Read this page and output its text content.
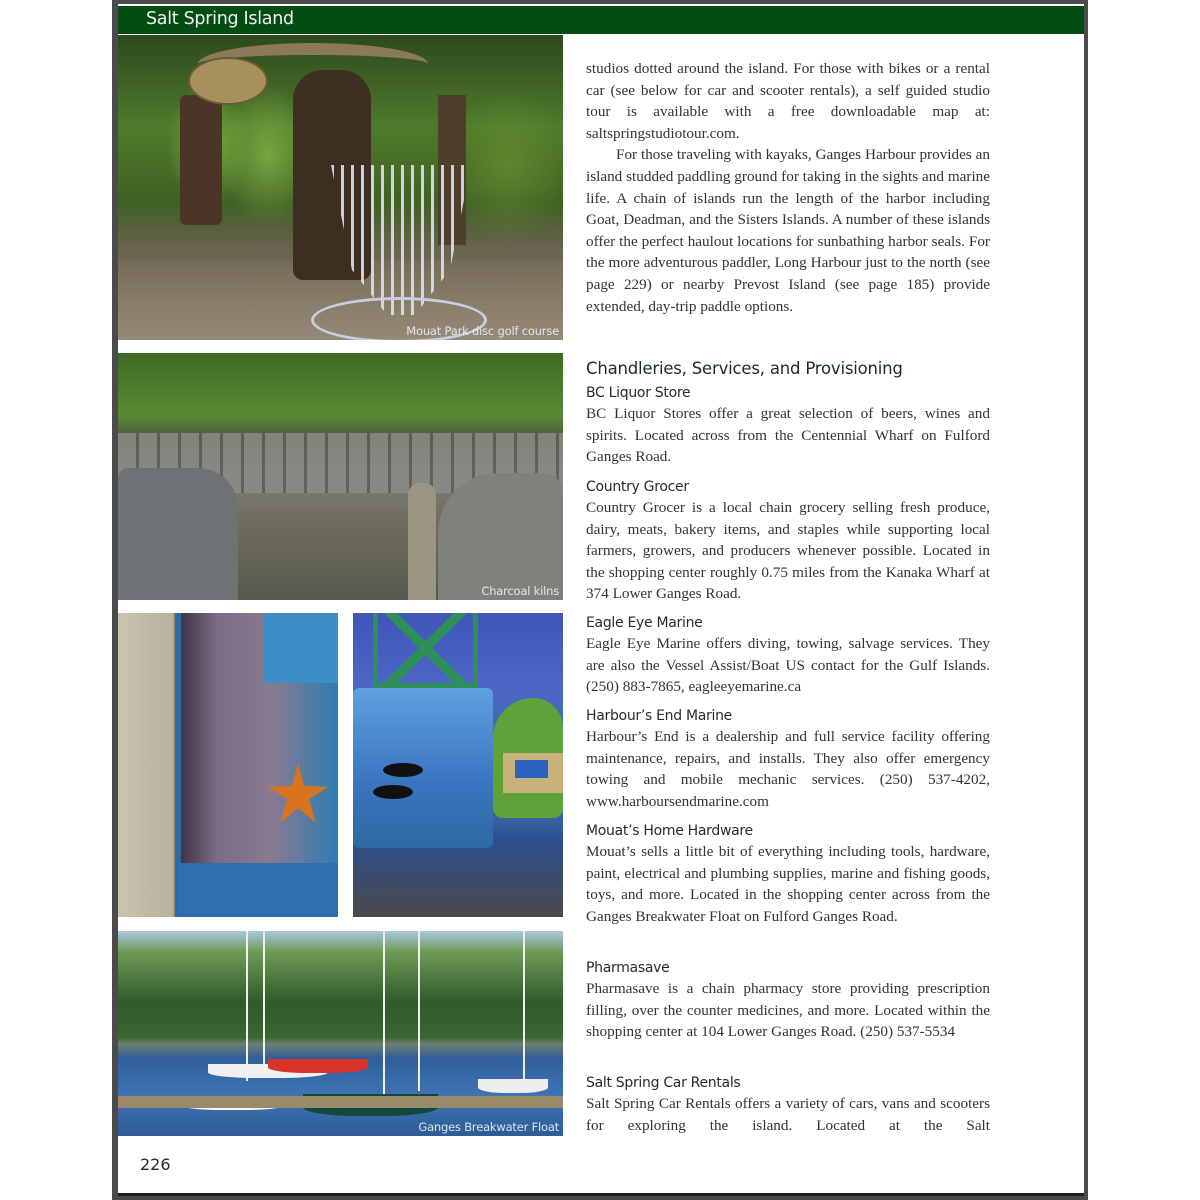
Salt Spring Island
Mouat Park disc golf course
Charcoal kilns
Ganges Breakwater Float

studios dotted around the island. For those with bikes or a rental car (see below for car and scooter rentals), a self guided studio tour is available with a free downloadable map at: saltspringstudiotour.com.

For those traveling with kayaks, Ganges Harbour provides an island studded paddling ground for taking in the sights and marine life. A chain of islands run the length of the harbor including Goat, Deadman, and the Sisters Islands. A number of these islands offer the perfect haulout locations for sunbathing harbor seals. For the more adventurous paddler, Long Harbour just to the north (see page 229) or nearby Prevost Island (see page 185) provide extended, day-trip paddle options.

Chandleries, Services, and Provisioning
BC Liquor Store
BC Liquor Stores offer a great selection of beers, wines and spirits. Located across from the Centennial Wharf on Fulford Ganges Road.
Country Grocer
Country Grocer is a local chain grocery selling fresh produce, dairy, meats, bakery items, and staples while supporting local farmers, growers, and producers whenever possible. Located in the shopping center roughly 0.75 miles from the Kanaka Wharf at 374 Lower Ganges Road.
Eagle Eye Marine
Eagle Eye Marine offers diving, towing, salvage services. They are also the Vessel Assist/Boat US contact for the Gulf Islands. (250) 883-7865, eagleeyemarine.ca
Harbour’s End Marine
Harbour’s End is a dealership and full service facility offering maintenance, repairs, and installs. They also offer emergency towing and mobile mechanic services. (250) 537-4202, www.harboursendmarine.com
Mouat’s Home Hardware
Mouat’s sells a little bit of everything including tools, hardware, paint, electrical and plumbing supplies, marine and fishing goods, toys, and more. Located in the shopping center across from the Ganges Breakwater Float on Fulford Ganges Road.
Pharmasave
Pharmasave is a chain pharmacy store providing prescription filling, over the counter medicines, and more. Located within the shopping center at 104 Lower Ganges Road. (250) 537-5534
Salt Spring Car Rentals
Salt Spring Car Rentals offers a variety of cars, vans and scooters for exploring the island. Located at the Salt
226
